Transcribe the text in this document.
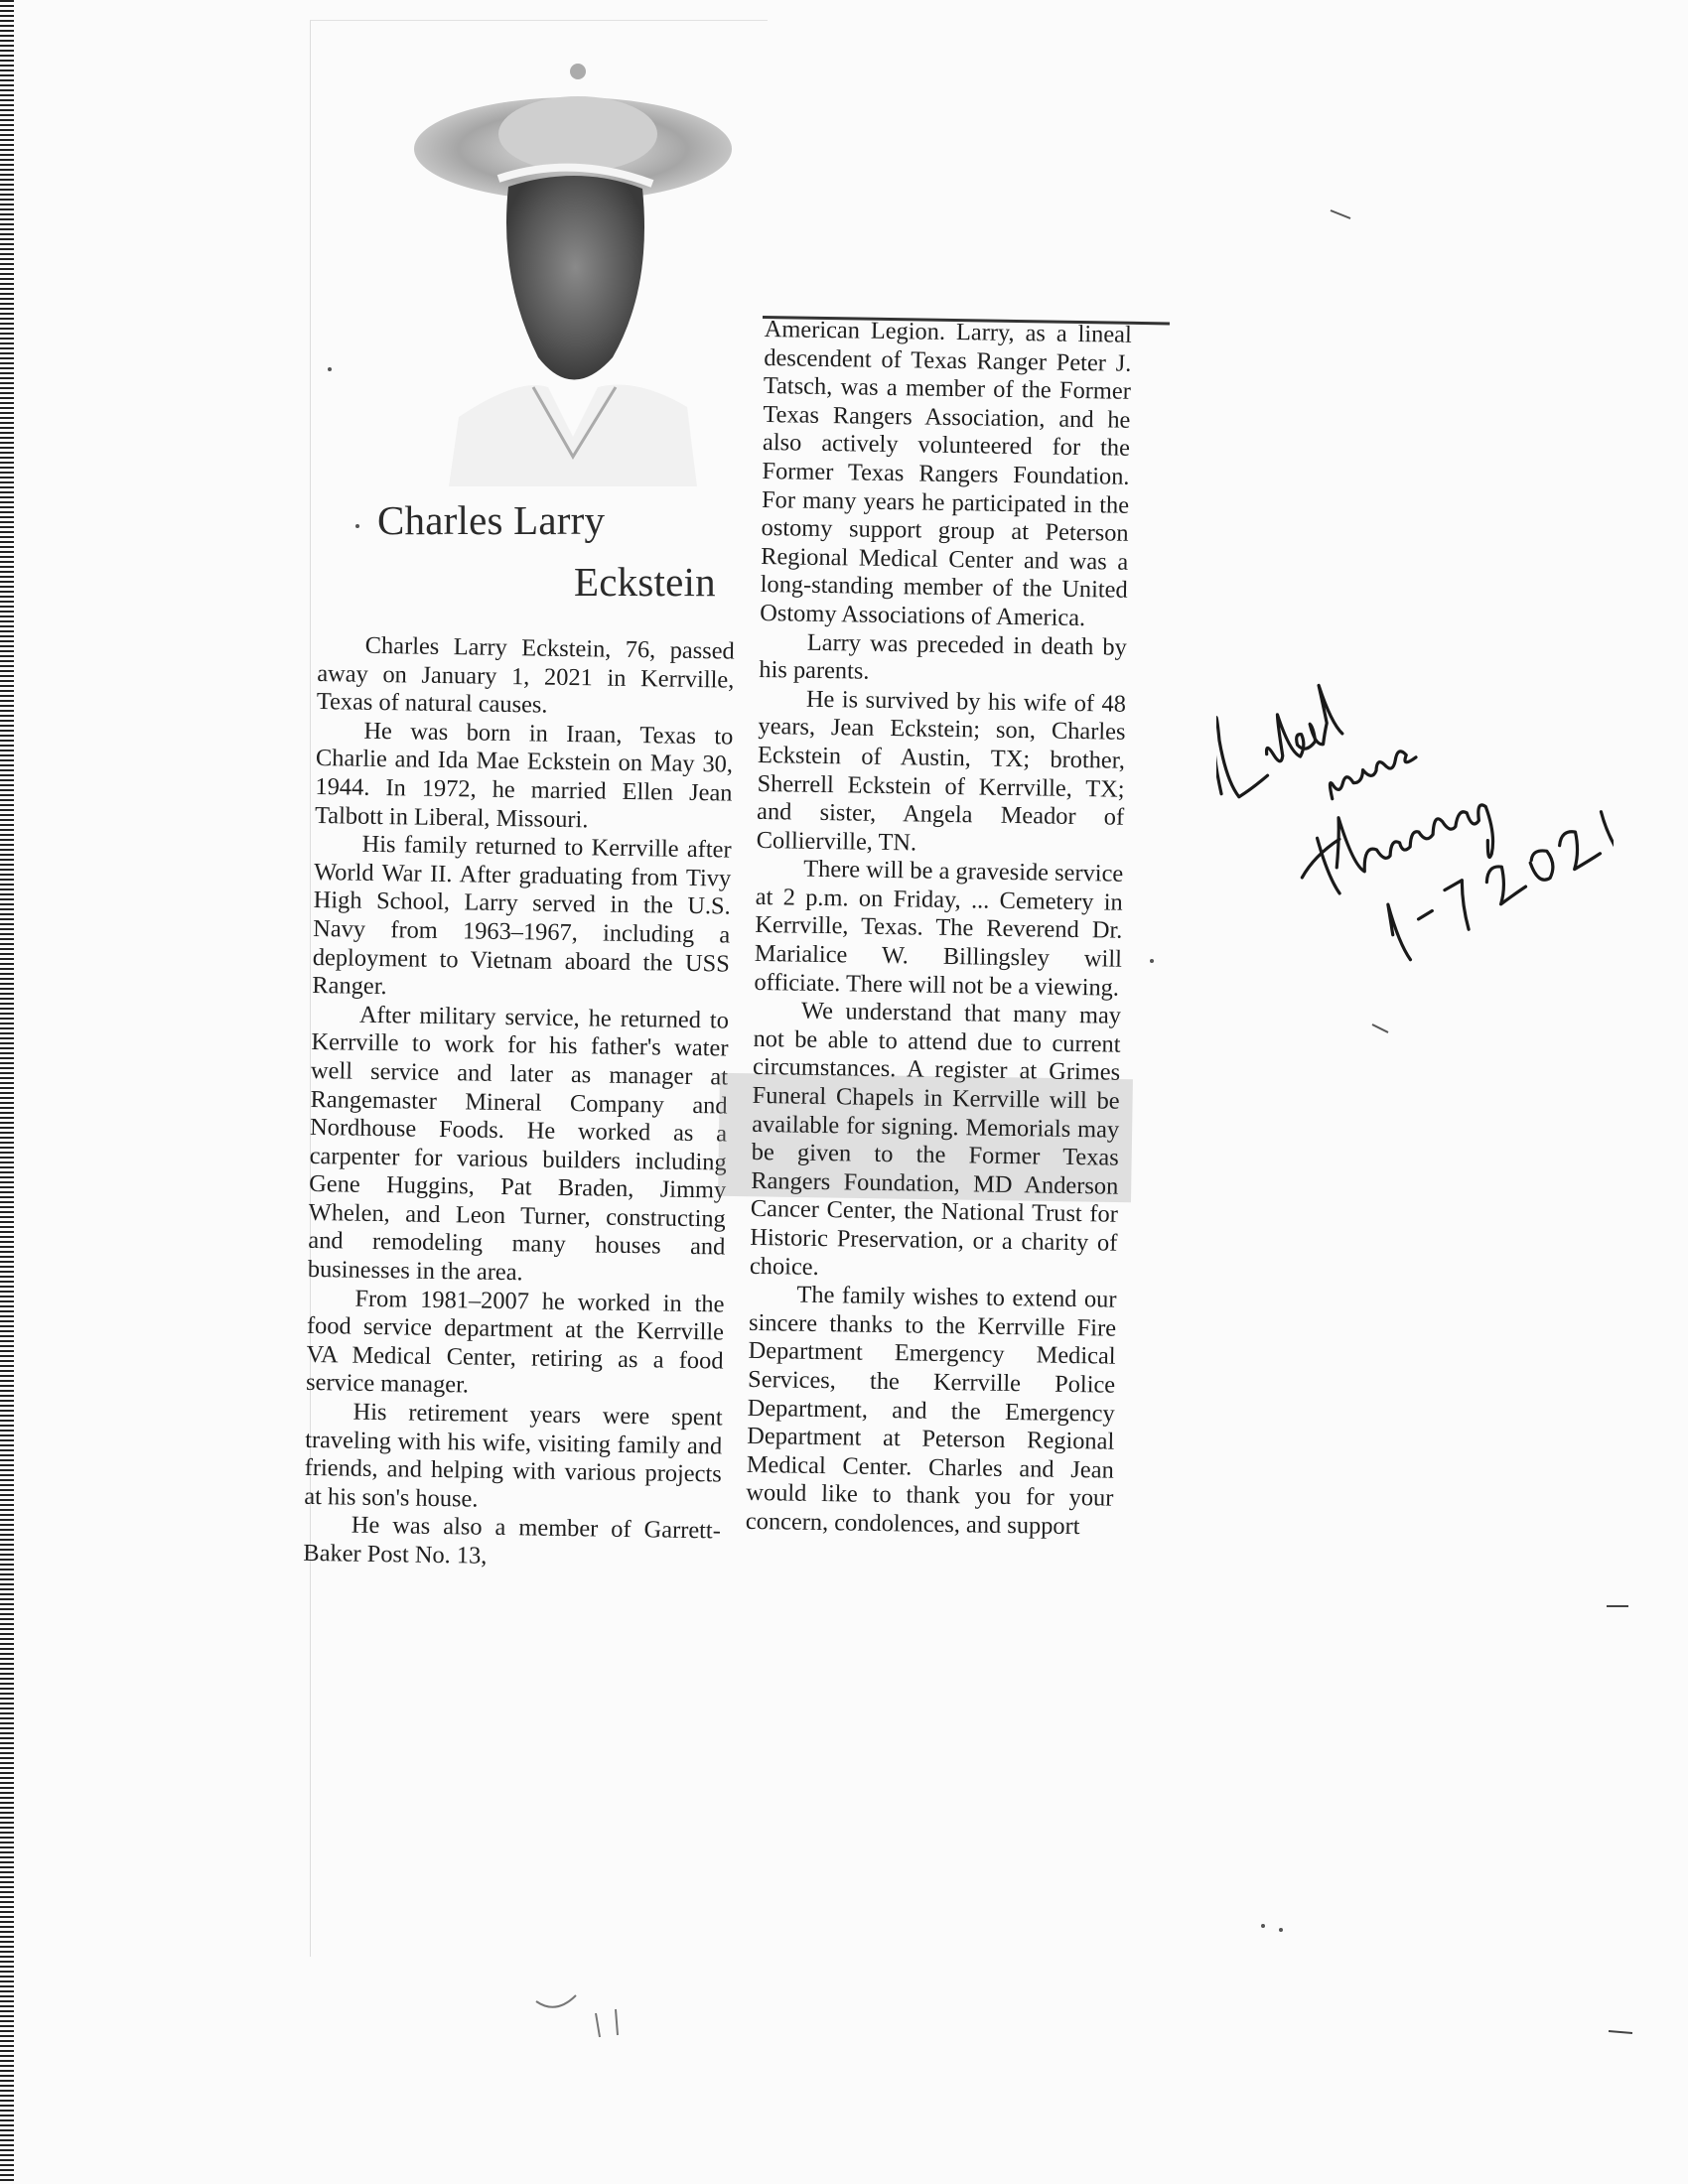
Charles Larry
Eckstein

Charles Larry Eckstein, 76, passed away on January 1, 2021 in Kerrville, Texas of natural causes.

He was born in Iraan, Texas to Charlie and Ida Mae Eckstein on May 30, 1944. In 1972, he married Ellen Jean Talbott in Liberal, Missouri.

His family returned to Kerrville after World War II. After graduating from Tivy High School, Larry served in the U.S. Navy from 1963–1967, including a deployment to Vietnam aboard the USS Ranger.

After military service, he returned to Kerrville to work for his father's water well service and later as manager at Rangemaster Mineral Company and Nordhouse Foods. He worked as a carpenter for various builders including Gene Huggins, Pat Braden, Jimmy Whelen, and Leon Turner, constructing and remodeling many houses and businesses in the area.

From 1981–2007 he worked in the food service department at the Kerrville VA Medical Center, retiring as a food service manager.

His retirement years were spent traveling with his wife, visiting family and friends, and helping with various projects at his son's house.

He was also a member of Garrett-Baker Post No. 13,

American Legion. Larry, as a lineal descendent of Texas Ranger Peter J. Tatsch, was a member of the Former Texas Rangers Association, and he also actively volunteered for the Former Texas Rangers Foundation. For many years he participated in the ostomy support group at Peterson Regional Medical Center and was a long-standing member of the United Ostomy Associations of America.

Larry was preceded in death by his parents.

He is survived by his wife of 48 years, Jean Eckstein; son, Charles Eckstein of Austin, TX; brother, Sherrell Eckstein of Kerrville, TX; and sister, Angela Meador of Collierville, TN.

There will be a graveside service at 2 p.m. on Friday, ... Cemetery in Kerrville, Texas. The Reverend Dr. Marialice W. Billingsley will officiate. There will not be a viewing.

We understand that many may not be able to attend due to current circumstances. A register at Grimes Funeral Chapels in Kerrville will be available for signing. Memorials may be given to the Former Texas Rangers Foundation, MD Anderson Cancer Center, the National Trust for Historic Preservation, or a charity of choice.

The family wishes to extend our sincere thanks to the Kerrville Fire Department Emergency Medical Services, the Kerrville Police Department, and the Emergency Department at Peterson Regional Medical Center. Charles and Jean would like to thank you for your concern, condolences, and support
